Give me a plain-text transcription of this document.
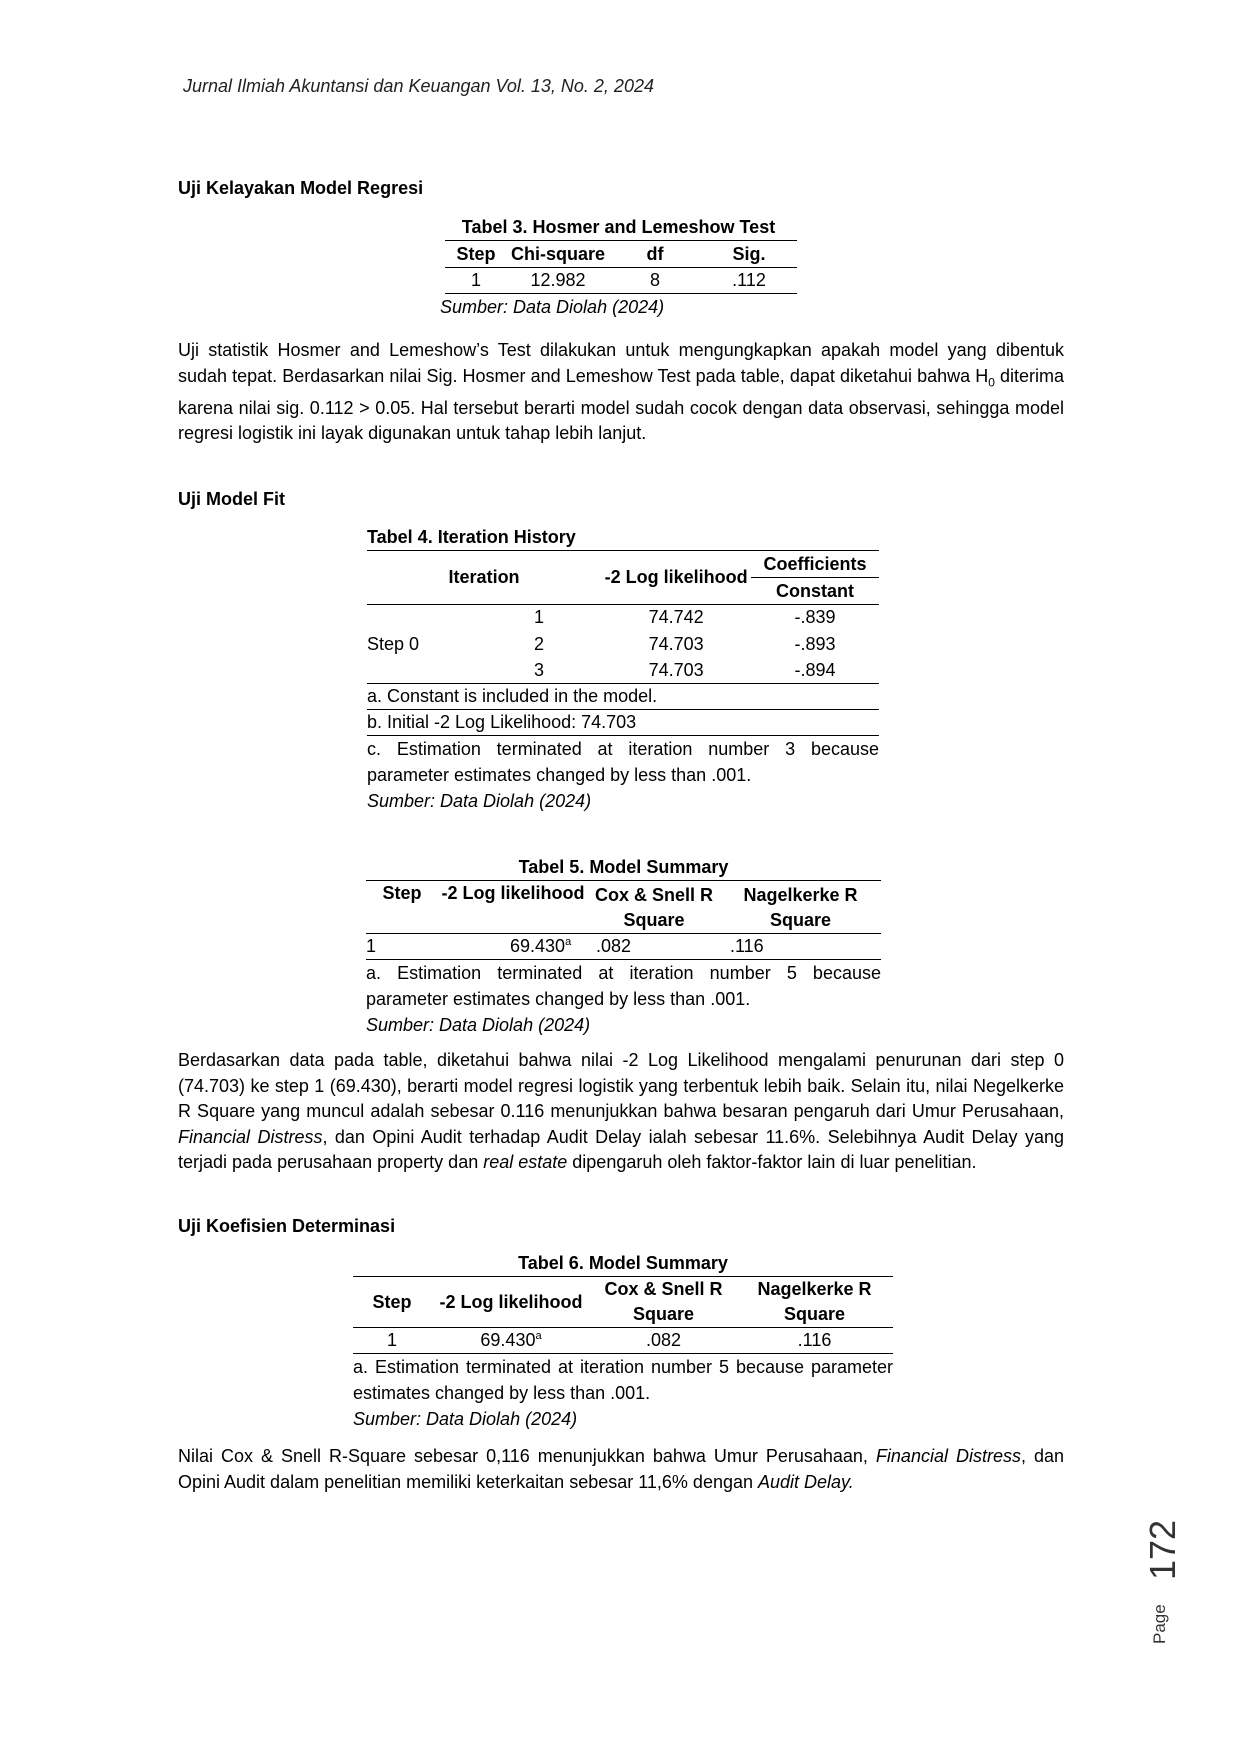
Jurnal Ilmiah Akuntansi dan Keuangan Vol. 13, No. 2, 2024
Uji Kelayakan Model Regresi
Tabel 3. Hosmer and Lemeshow Test
Step	Chi-square	df	Sig.
1	12.982	8	.112
Sumber: Data Diolah (2024)

Uji statistik Hosmer and Lemeshow’s Test dilakukan untuk mengungkapkan apakah model yang dibentuk sudah tepat. Berdasarkan nilai Sig. Hosmer and Lemeshow Test pada table, dapat diketahui bahwa $H_0$ diterima karena nilai sig. 0.112 > 0.05. Hal tersebut berarti model sudah cocok dengan data observasi, sehingga model regresi logistik ini layak digunakan untuk tahap lebih lanjut.

Uji Model Fit
Tabel 4. Iteration History
Iteration		-2 Log likelihood	Coefficients
			Constant
	1	74.742	-.839
Step 0	2	74.703	-.893
	3	74.703	-.894
a. Constant is included in the model.			
b. Initial -2 Log Likelihood: 74.703			
c. Estimation terminated at iteration number 3 because parameter estimates changed by less than .001.
Sumber: Data Diolah (2024)
Tabel 5. Model Summary
Step	-2 Log likelihood	Cox & Snell R Square	Nagelkerke R Square
1	69.430$^a$	.082	.116
a. Estimation terminated at iteration number 5 because parameter estimates changed by less than .001.
Sumber: Data Diolah (2024)

Berdasarkan data pada table, diketahui bahwa nilai -2 Log Likelihood mengalami penurunan dari step 0 (74.703) ke step 1 (69.430), berarti model regresi logistik yang terbentuk lebih baik. Selain itu, nilai Negelkerke R Square yang muncul adalah sebesar 0.116 menunjukkan bahwa besaran pengaruh dari Umur Perusahaan, Financial Distress, dan Opini Audit terhadap Audit Delay ialah sebesar 11.6%. Selebihnya Audit Delay yang terjadi pada perusahaan property dan real estate dipengaruh oleh faktor-faktor lain di luar penelitian.

Uji Koefisien Determinasi
Tabel 6. Model Summary
Step	-2 Log likelihood	Cox & Snell R Square	Nagelkerke R Square
1	69.430$^a$	.082	.116
a. Estimation terminated at iteration number 5 because parameter estimates changed by less than .001.
Sumber: Data Diolah (2024)

Nilai Cox & Snell R-Square sebesar 0,116 menunjukkan bahwa Umur Perusahaan, Financial Distress, dan Opini Audit dalam penelitian memiliki keterkaitan sebesar 11,6% dengan Audit Delay.

172
Page
